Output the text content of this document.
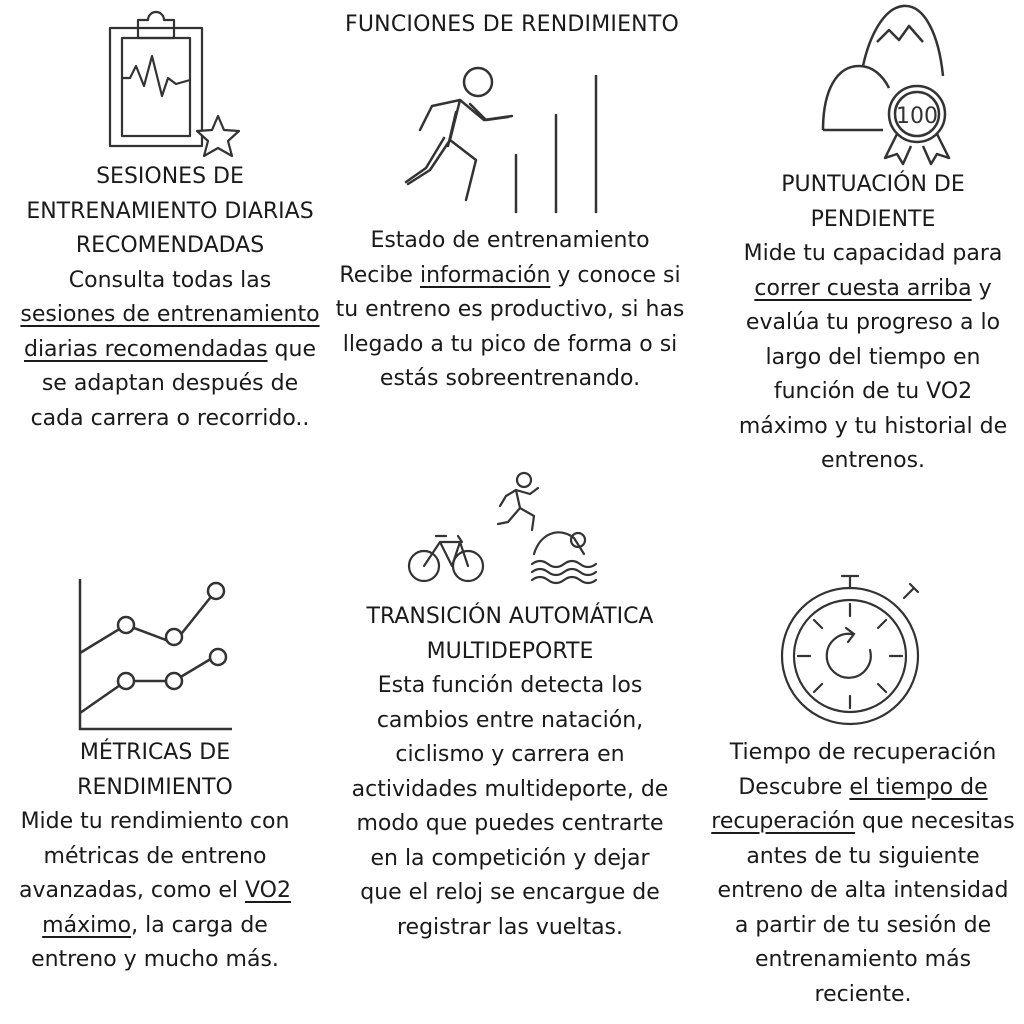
FUNCIONES DE RENDIMIENTO

SESIONES DE ENTRENAMIENTO DIARIAS RECOMENDADAS

Consulta todas las sesiones de entrenamiento diarias recomendadas que se adaptan después de cada carrera o recorrido..

Estado de entrenamiento

Recibe información y conoce si tu entreno es productivo, si has llegado a tu pico de forma o si estás sobreentrenando.

100

PUNTUACIÓN DE PENDIENTE

Mide tu capacidad para correr cuesta arriba y evalúa tu progreso a lo largo del tiempo en función de tu VO2 máximo y tu historial de entrenos.

MÉTRICAS DE RENDIMIENTO

Mide tu rendimiento con métricas de entreno avanzadas, como el VO2 máximo, la carga de entreno y mucho más.

TRANSICIÓN AUTOMÁTICA MULTIDEPORTE

Esta función detecta los cambios entre natación, ciclismo y carrera en actividades multideporte, de modo que puedes centrarte en la competición y dejar que el reloj se encargue de registrar las vueltas.

Tiempo de recuperación

Descubre el tiempo de recuperación que necesitas antes de tu siguiente entreno de alta intensidad a partir de tu sesión de entrenamiento más reciente.
